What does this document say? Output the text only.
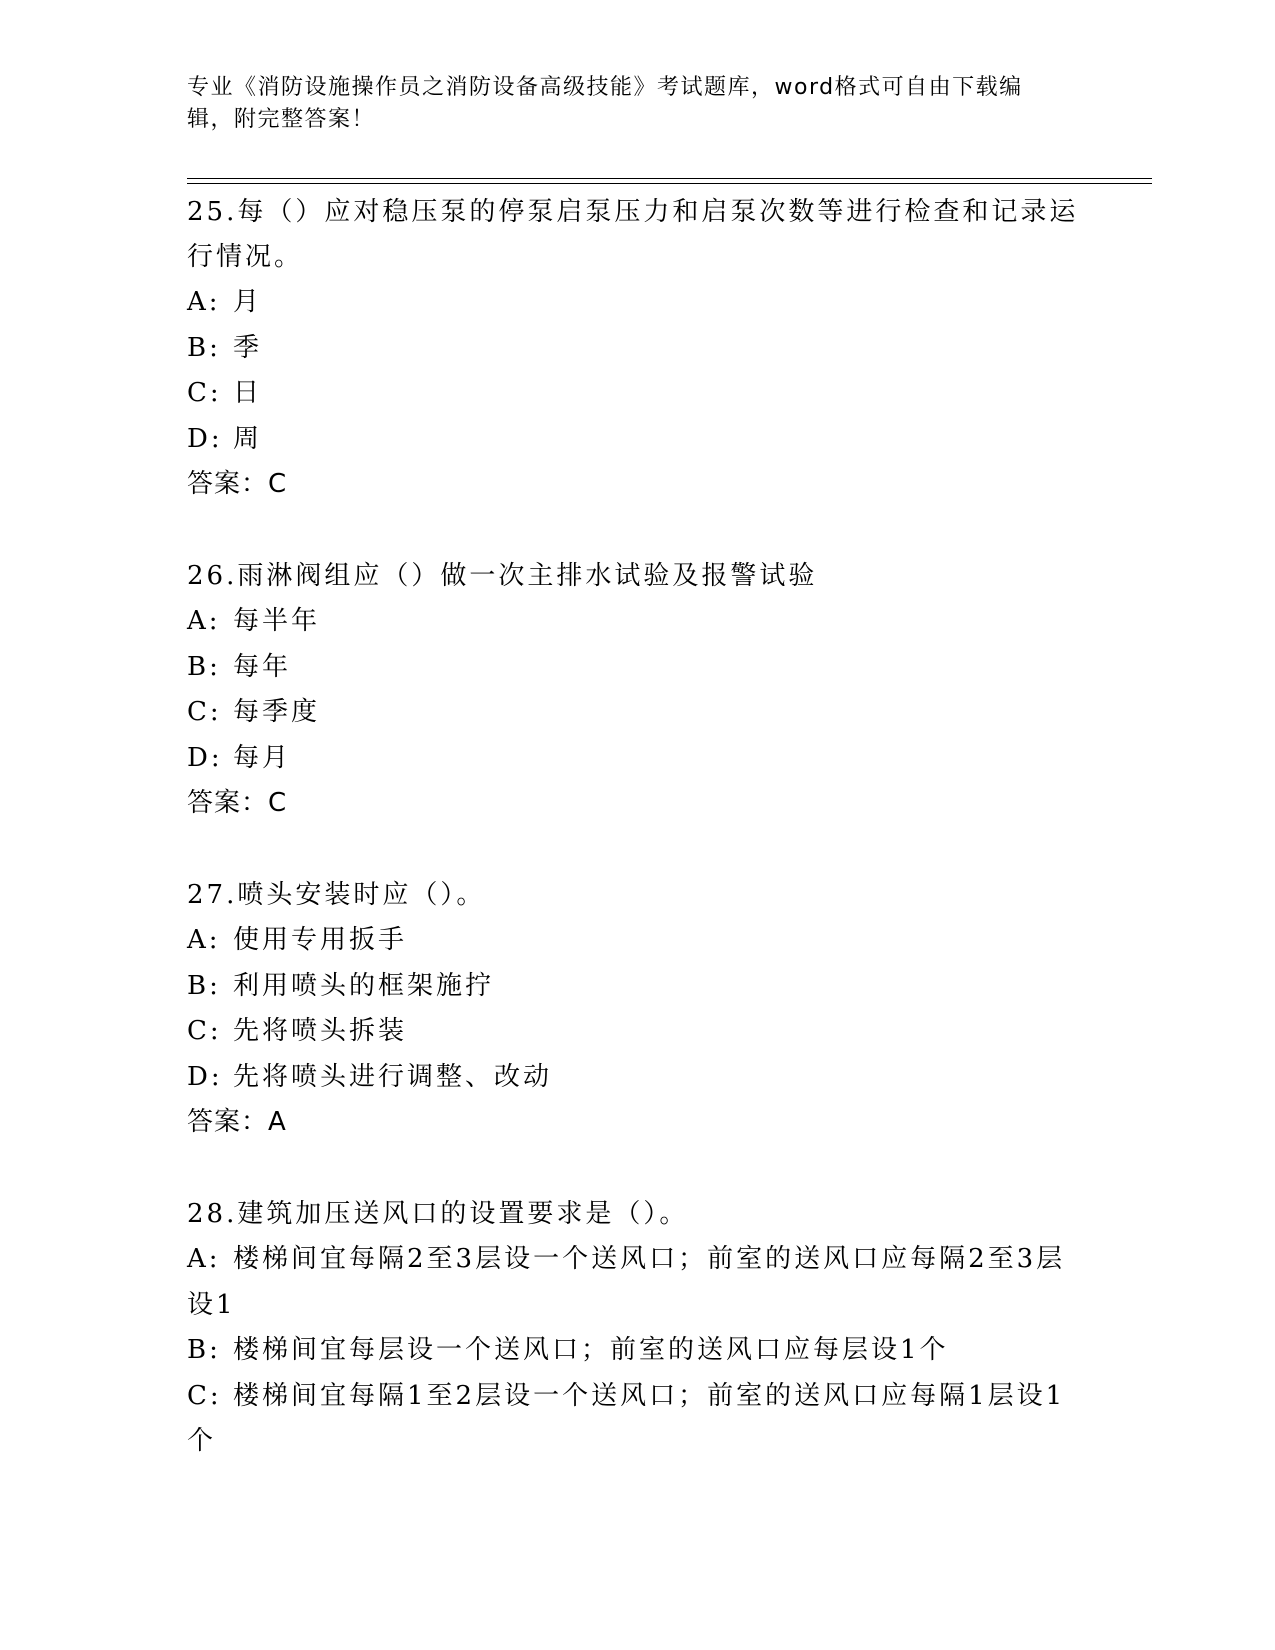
专业《消防设施操作员之消防设备高级技能》考试题库，word格式可自由下载编辑，附完整答案！

25.每（）应对稳压泵的停泵启泵压力和启泵次数等进行检查和记录运行情况。

A: 月

B: 季

C: 日

D: 周

答案：C

26.雨淋阀组应（）做一次主排水试验及报警试验

A: 每半年

B: 每年

C: 每季度

D: 每月

答案：C

27.喷头安装时应（）。

A: 使用专用扳手

B: 利用喷头的框架施拧

C: 先将喷头拆装

D: 先将喷头进行调整、改动

答案：A

28.建筑加压送风口的设置要求是（）。

A: 楼梯间宜每隔2至3层设一个送风口；前室的送风口应每隔2至3层设1

B: 楼梯间宜每层设一个送风口；前室的送风口应每层设1个

C: 楼梯间宜每隔1至2层设一个送风口；前室的送风口应每隔1层设1个
